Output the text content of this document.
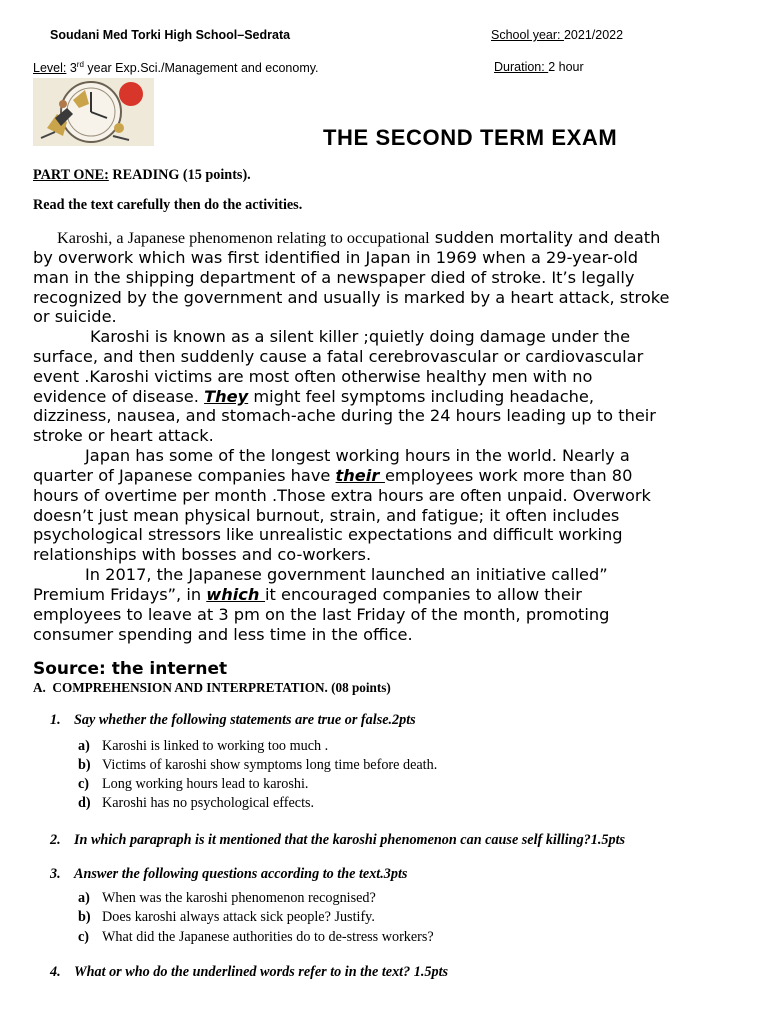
Soudani Med Torki High School–Sedrata	School year: 2021/2022
Level: 3rd year Exp.Sci./Management and economy.	Duration: 2 hour
THE SECOND TERM EXAM
PART ONE: READING (15 points).
Read the text carefully then do the activities.
Karoshi, a Japanese phenomenon relating to occupational sudden mortality and death
by overwork which was first identified in Japan in 1969 when a 29-year-old
man in the shipping department of a newspaper died of stroke. It’s legally
recognized by the government and usually is marked by a heart attack, stroke
or suicide.
Karoshi is known as a silent killer ;quietly doing damage under the
surface, and then suddenly cause a fatal cerebrovascular or cardiovascular
event .Karoshi victims are most often otherwise healthy men with no
evidence of disease. They might feel symptoms including headache,
dizziness, nausea, and stomach-ache during the 24 hours leading up to their
stroke or heart attack.
Japan has some of the longest working hours in the world. Nearly a
quarter of Japanese companies have their employees work more than 80
hours of overtime per month .Those extra hours are often unpaid. Overwork
doesn’t just mean physical burnout, strain, and fatigue; it often includes
psychological stressors like unrealistic expectations and difficult working
relationships with bosses and co-workers.
In 2017, the Japanese government launched an initiative called”
Premium Fridays”, in which it encouraged companies to allow their
employees to leave at 3 pm on the last Friday of the month, promoting
consumer spending and less time in the office.
Source: the internet
A.  COMPREHENSION AND INTERPRETATION. (08 points)
1. Say whether the following statements are true or false.2pts
a) Karoshi is linked to working too much .
b) Victims of karoshi show symptoms long time before death.
c) Long working hours lead to karoshi.
d) Karoshi has no psychological effects.
2. In which parapraph is it mentioned that the karoshi phenomenon can cause self killing?1.5pts
3. Answer the following questions according to the text.3pts
a) When was the karoshi phenomenon recognised?
b) Does karoshi always attack sick people? Justify.
c) What did the Japanese authorities do to de-stress workers?
4. What or who do the underlined words refer to in the text? 1.5pts
